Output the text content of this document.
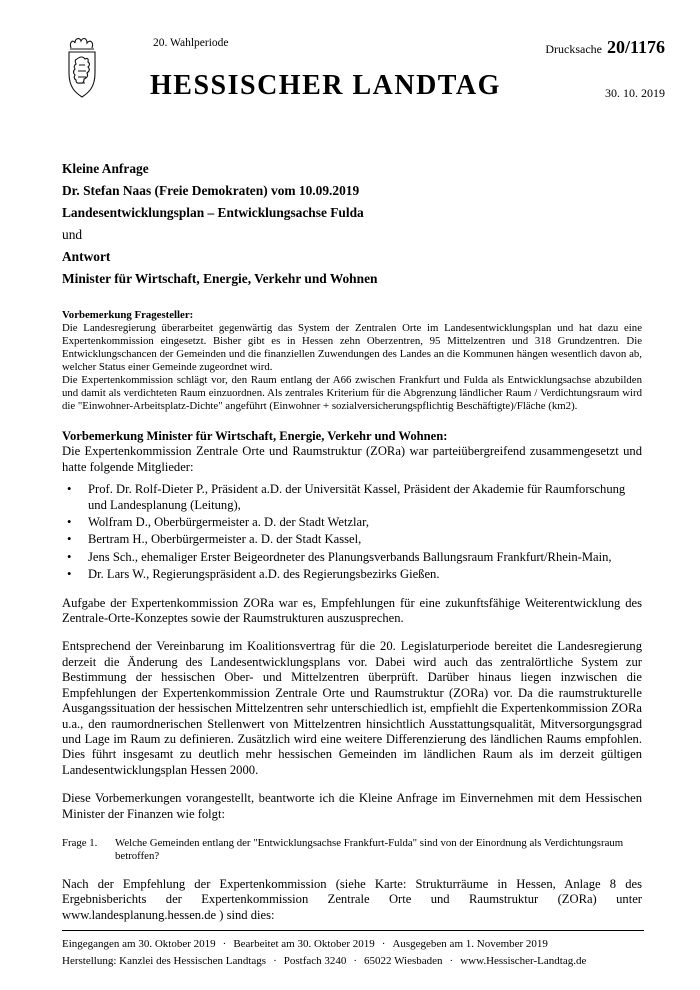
20. Wahlperiode
HESSISCHER LANDTAG
Drucksache 20/1176
30. 10. 2019
Kleine Anfrage
Dr. Stefan Naas (Freie Demokraten) vom 10.09.2019
Landesentwicklungsplan – Entwicklungsachse Fulda
und
Antwort
Minister für Wirtschaft, Energie, Verkehr und Wohnen
Vorbemerkung Fragesteller:
Die Landesregierung überarbeitet gegenwärtig das System der Zentralen Orte im Landesentwicklungsplan und hat dazu eine Expertenkommission eingesetzt. Bisher gibt es in Hessen zehn Oberzentren, 95 Mittelzentren und 318 Grundzentren. Die Entwicklungschancen der Gemeinden und die finanziellen Zuwendungen des Landes an die Kommunen hängen wesentlich davon ab, welcher Status einer Gemeinde zugeordnet wird.
Die Expertenkommission schlägt vor, den Raum entlang der A66 zwischen Frankfurt und Fulda als Entwicklungsachse abzubilden und damit als verdichteten Raum einzuordnen. Als zentrales Kriterium für die Abgrenzung ländlicher Raum / Verdichtungsraum wird die "Einwohner-Arbeitsplatz-Dichte" angeführt (Einwohner + sozialversicherungspflichtig Beschäftigte)/Fläche (km2).
Vorbemerkung Minister für Wirtschaft, Energie, Verkehr und Wohnen:
Die Expertenkommission Zentrale Orte und Raumstruktur (ZORa) war parteiübergreifend zusammengesetzt und hatte folgende Mitglieder:
•	Prof. Dr. Rolf-Dieter P., Präsident a.D. der Universität Kassel, Präsident der Akademie für Raumforschung und Landesplanung (Leitung),
•	Wolfram D., Oberbürgermeister a. D. der Stadt Wetzlar,
•	Bertram H., Oberbürgermeister a. D. der Stadt Kassel,
•	Jens Sch., ehemaliger Erster Beigeordneter des Planungsverbands Ballungsraum Frankfurt/Rhein-Main,
•	Dr. Lars W., Regierungspräsident a.D. des Regierungsbezirks Gießen.
Aufgabe der Expertenkommission ZORa war es, Empfehlungen für eine zukunftsfähige Weiterentwicklung des Zentrale-Orte-Konzeptes sowie der Raumstrukturen auszusprechen.
Entsprechend der Vereinbarung im Koalitionsvertrag für die 20. Legislaturperiode bereitet die Landesregierung derzeit die Änderung des Landesentwicklungsplans vor. Dabei wird auch das zentralörtliche System zur Bestimmung der hessischen Ober- und Mittelzentren überprüft. Darüber hinaus liegen inzwischen die Empfehlungen der Expertenkommission Zentrale Orte und Raumstruktur (ZORa) vor. Da die raumstrukturelle Ausgangssituation der hessischen Mittelzentren sehr unterschiedlich ist, empfiehlt die Expertenkommission ZORa u.a., den raumordnerischen Stellenwert von Mittelzentren hinsichtlich Ausstattungsqualität, Mitversorgungsgrad und Lage im Raum zu definieren. Zusätzlich wird eine weitere Differenzierung des ländlichen Raums empfohlen. Dies führt insgesamt zu deutlich mehr hessischen Gemeinden im ländlichen Raum als im derzeit gültigen Landesentwicklungsplan Hessen 2000.
Diese Vorbemerkungen vorangestellt, beantworte ich die Kleine Anfrage im Einvernehmen mit dem Hessischen Minister der Finanzen wie folgt:
Frage 1.	Welche Gemeinden entlang der "Entwicklungsachse Frankfurt-Fulda" sind von der Einordnung als Verdichtungsraum betroffen?
Nach der Empfehlung der Expertenkommission (siehe Karte: Strukturräume in Hessen, Anlage 8 des Ergebnisberichts der Expertenkommission Zentrale Orte und Raumstruktur (ZORa) unter www.landesplanung.hessen.de ) sind dies:
Eingegangen am 30. Oktober 2019 · Bearbeitet am 30. Oktober 2019 · Ausgegeben am 1. November 2019
Herstellung: Kanzlei des Hessischen Landtags · Postfach 3240 · 65022 Wiesbaden · www.Hessischer-Landtag.de
